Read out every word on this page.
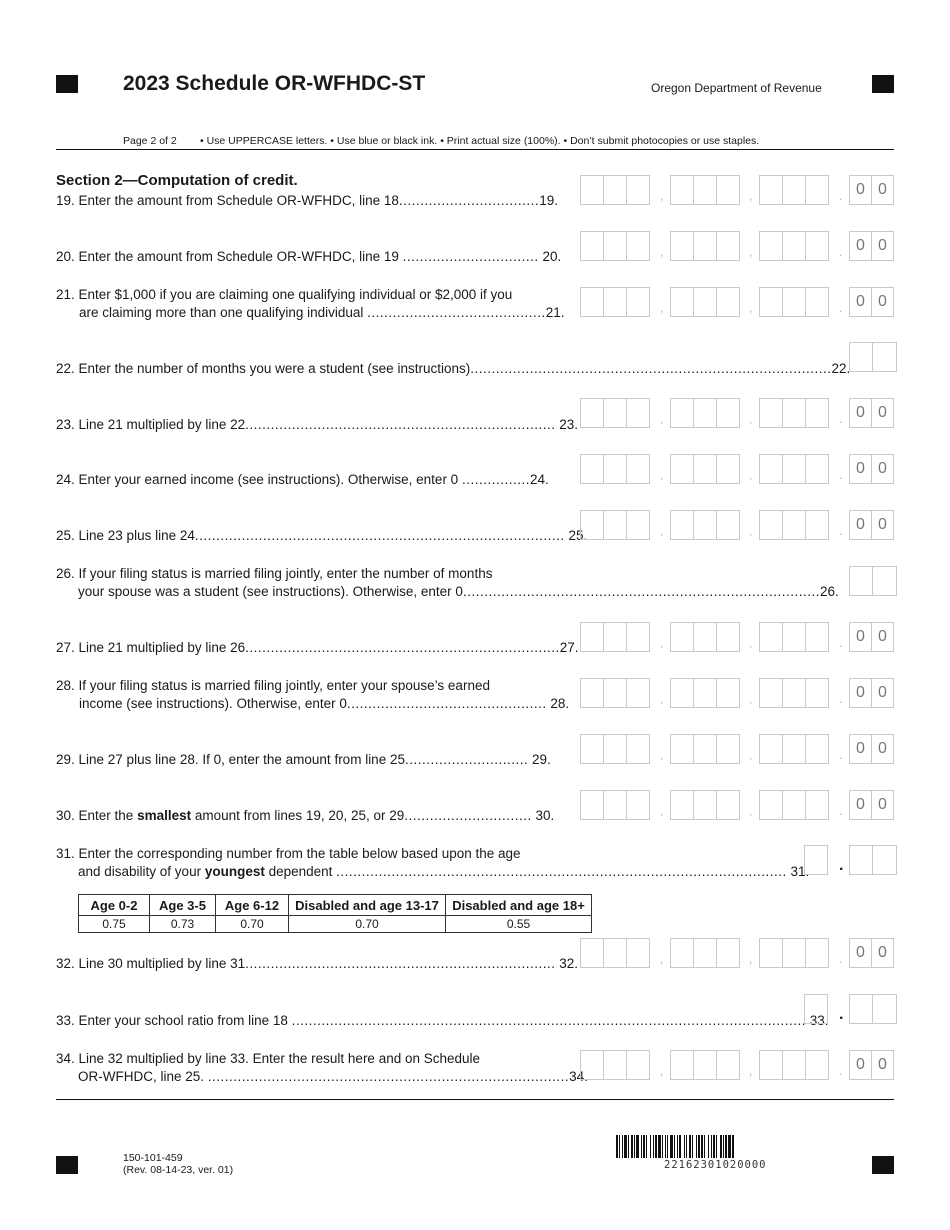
2023 Schedule OR-WFHDC-ST	Oregon Department of Revenue
Page 2 of 2 • Use UPPERCASE letters. • Use blue or black ink. • Print actual size (100%). • Don’t submit photocopies or use staples.
Section 2—Computation of credit.
19. Enter the amount from Schedule OR-WFHDC, line 18.................................19.	,	,	. 0 0
20. Enter the amount from Schedule OR-WFHDC, line 19 ................................ 20.	,	,	. 0 0
21. Enter $1,000 if you are claiming one qualifying individual or $2,000 if you
are claiming more than one qualifying individual ..........................................21.	,	,	. 0 0
22. Enter the number of months you were a student (see instructions).....................................................................................22.
23. Line 21 multiplied by line 22......................................................................... 23.	,	,	. 0 0
24. Enter your earned income (see instructions). Otherwise, enter 0 ................24.	,	,	. 0 0
25. Line 23 plus line 24....................................................................................... 25.	,	,	. 0 0
26. If your filing status is married filing jointly, enter the number of months
your spouse was a student (see instructions). Otherwise, enter 0....................................................................................26.
27. Line 21 multiplied by line 26..........................................................................27.	,	,	. 0 0
28. If your filing status is married filing jointly, enter your spouse’s earned
income (see instructions). Otherwise, enter 0............................................... 28.	,	,	. 0 0
29. Line 27 plus line 28. If 0, enter the amount from line 25............................. 29.	,	,	. 0 0
30. Enter the smallest amount from lines 19, 20, 25, or 29.............................. 30.	,	,	. 0 0
31. Enter the corresponding number from the table below based upon the age
and disability of your youngest dependent .......................................................................................................... 31. .
Age 0-2	Age 3-5	Age 6-12	Disabled and age 13-17	Disabled and age 18+
0.75	0.73	0.70	0.70	0.55
32. Line 30 multiplied by line 31......................................................................... 32.	,	,	. 0 0
33. Enter your school ratio from line 18 ......................................................................................................................... 33. .
34. Line 32 multiplied by line 33. Enter the result here and on Schedule
OR-WFHDC, line 25. .....................................................................................34.	,	,	. 0 0
150-101-459
(Rev. 08-14-23, ver. 01)	22162301020000
